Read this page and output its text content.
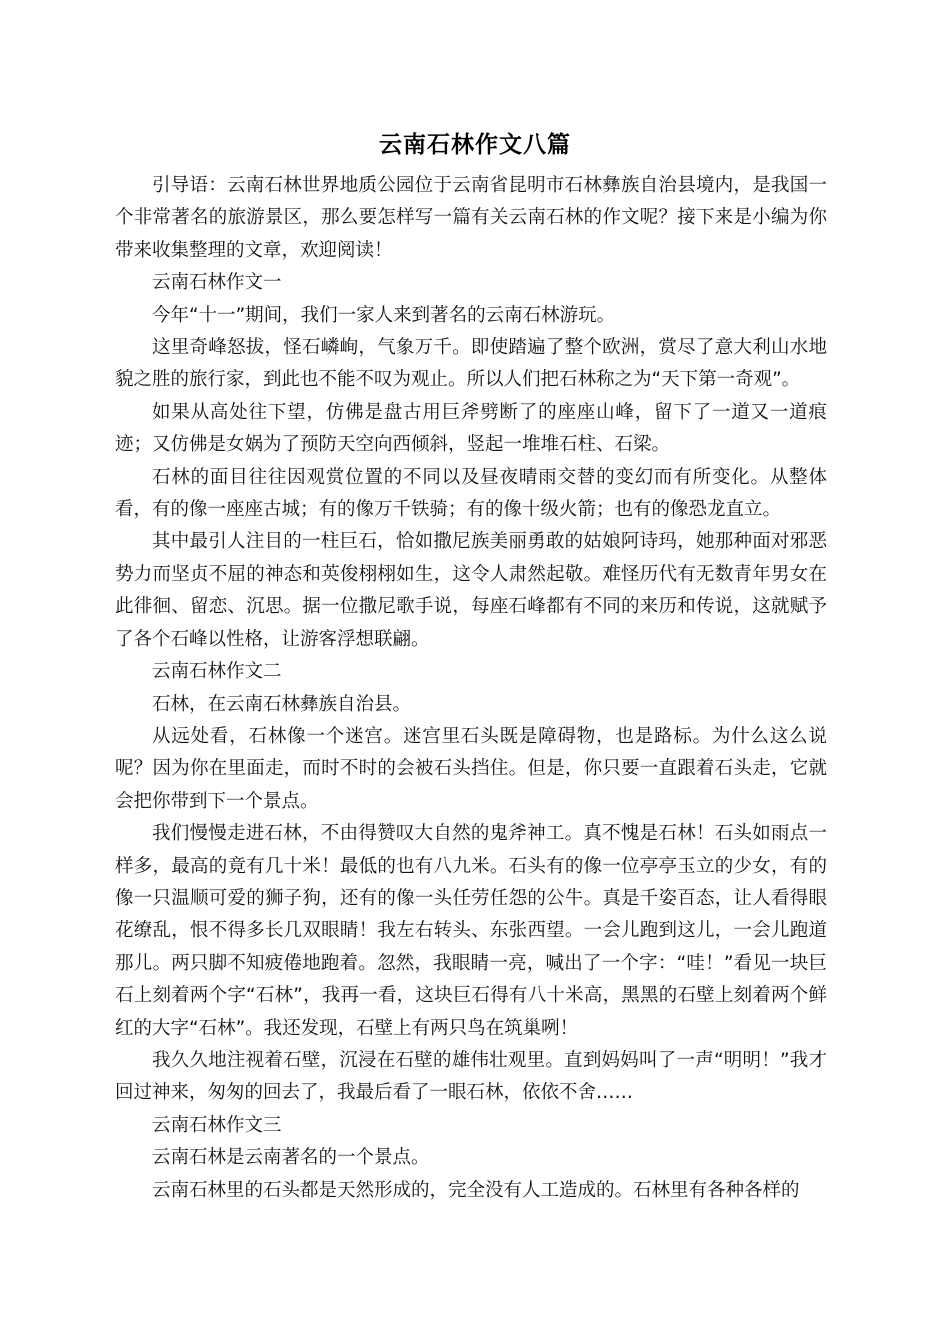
云南石林作文八篇

引导语：云南石林世界地质公园位于云南省昆明市石林彝族自治县境内，是我国一个非常著名的旅游景区，那么要怎样写一篇有关云南石林的作文呢？接下来是小编为你带来收集整理的文章，欢迎阅读！

云南石林作文一

今年“十一”期间，我们一家人来到著名的云南石林游玩。

这里奇峰怒拔，怪石嶙峋，气象万千。即使踏遍了整个欧洲，赏尽了意大利山水地貌之胜的旅行家，到此也不能不叹为观止。所以人们把石林称之为“天下第一奇观”。

如果从高处往下望，仿佛是盘古用巨斧劈断了的座座山峰，留下了一道又一道痕迹；又仿佛是女娲为了预防天空向西倾斜，竖起一堆堆石柱、石梁。

石林的面目往往因观赏位置的不同以及昼夜晴雨交替的变幻而有所变化。从整体看，有的像一座座古城；有的像万千铁骑；有的像十级火箭；也有的像恐龙直立。

其中最引人注目的一柱巨石，恰如撒尼族美丽勇敢的姑娘阿诗玛，她那种面对邪恶势力而坚贞不屈的神态和英俊栩栩如生，这令人肃然起敬。难怪历代有无数青年男女在此徘徊、留恋、沉思。据一位撒尼歌手说，每座石峰都有不同的来历和传说，这就赋予了各个石峰以性格，让游客浮想联翩。

云南石林作文二

石林，在云南石林彝族自治县。

从远处看，石林像一个迷宫。迷宫里石头既是障碍物，也是路标。为什么这么说呢？因为你在里面走，而时不时的会被石头挡住。但是，你只要一直跟着石头走，它就会把你带到下一个景点。

我们慢慢走进石林，不由得赞叹大自然的鬼斧神工。真不愧是石林！石头如雨点一样多，最高的竟有几十米！最低的也有八九米。石头有的像一位亭亭玉立的少女，有的像一只温顺可爱的狮子狗，还有的像一头任劳任怨的公牛。真是千姿百态，让人看得眼花缭乱，恨不得多长几双眼睛！我左右转头、东张西望。一会儿跑到这儿，一会儿跑道那儿。两只脚不知疲倦地跑着。忽然，我眼睛一亮，喊出了一个字：“哇！”看见一块巨石上刻着两个字“石林”，我再一看，这块巨石得有八十米高，黑黑的石壁上刻着两个鲜红的大字“石林”。我还发现，石壁上有两只鸟在筑巢咧！

我久久地注视着石壁，沉浸在石壁的雄伟壮观里。直到妈妈叫了一声“明明！”我才回过神来，匆匆的回去了，我最后看了一眼石林，依依不舍……

云南石林作文三

云南石林是云南著名的一个景点。

云南石林里的石头都是天然形成的，完全没有人工造成的。石林里有各种各样的
